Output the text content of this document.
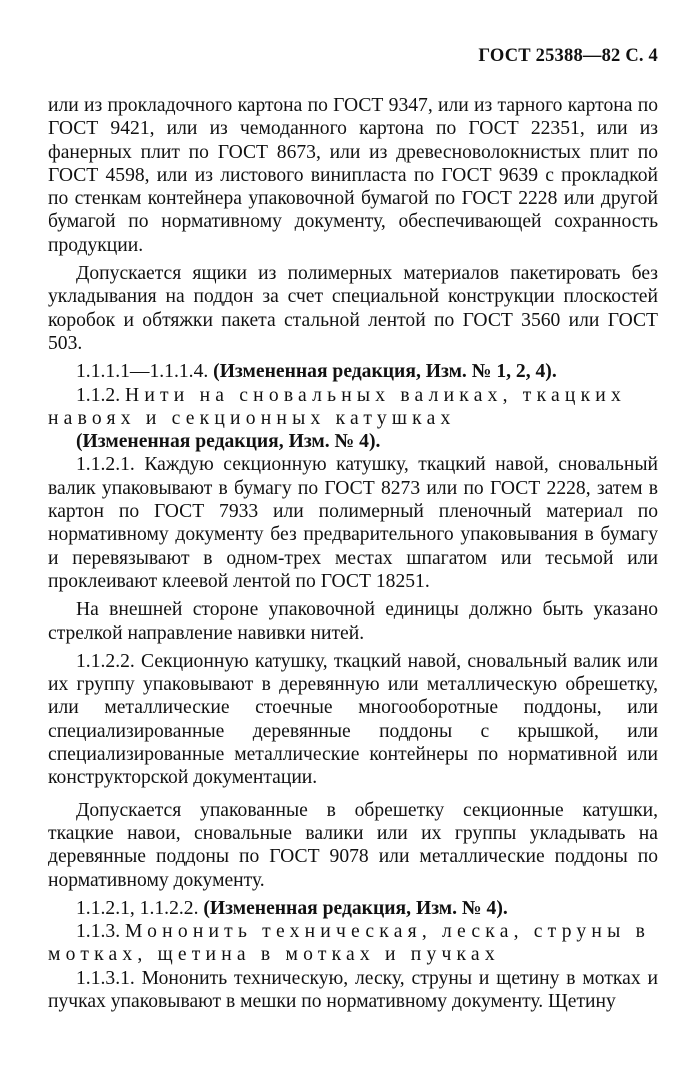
ГОСТ 25388—82 С. 4

или из прокладочного картона по ГОСТ 9347, или из тарного картона по ГОСТ 9421, или из чемоданного картона по ГОСТ 22351, или из фанерных плит по ГОСТ 8673, или из древесноволокнистых плит по ГОСТ 4598, или из листового винипласта по ГОСТ 9639 с прокладкой по стенкам контейнера упаковочной бумагой по ГОСТ 2228 или другой бумагой по нормативному документу, обеспечивающей сохранность продукции.

Допускается ящики из полимерных материалов пакетировать без укладывания на поддон за счет специальной конструкции плоскостей коробок и обтяжки пакета стальной лентой по ГОСТ 3560 или ГОСТ 503.

1.1.1.1—1.1.1.4. (Измененная редакция, Изм. № 1, 2, 4).

1.1.2. Нити на сновальных валиках, ткацких

навоях и секционных катушках

(Измененная редакция, Изм. № 4).

1.1.2.1. Каждую секционную катушку, ткацкий навой, сновальный валик упаковывают в бумагу по ГОСТ 8273 или по ГОСТ 2228, затем в картон по ГОСТ 7933 или полимерный пленочный материал по нормативному документу без предварительного упаковывания в бумагу и перевязывают в одном-трех местах шпагатом или тесьмой или проклеивают клеевой лентой по ГОСТ 18251.

На внешней стороне упаковочной единицы должно быть указано стрелкой направление навивки нитей.

1.1.2.2. Секционную катушку, ткацкий навой, сновальный валик или их группу упаковывают в деревянную или металлическую обрешетку, или металлические стоечные многооборотные поддоны, или специализированные деревянные поддоны с крышкой, или специализированные металлические контейнеры по нормативной или конструкторской документации.

Допускается упакованные в обрешетку секционные катушки, ткацкие навои, сновальные валики или их группы укладывать на деревянные поддоны по ГОСТ 9078 или металлические поддоны по нормативному документу.

1.1.2.1, 1.1.2.2. (Измененная редакция, Изм. № 4).

1.1.3. Мононить техническая, леска, струны в

мотках, щетина в мотках и пучках

1.1.3.1. Мононить техническую, леску, струны и щетину в мотках и пучках упаковывают в мешки по нормативному документу. Щетину
